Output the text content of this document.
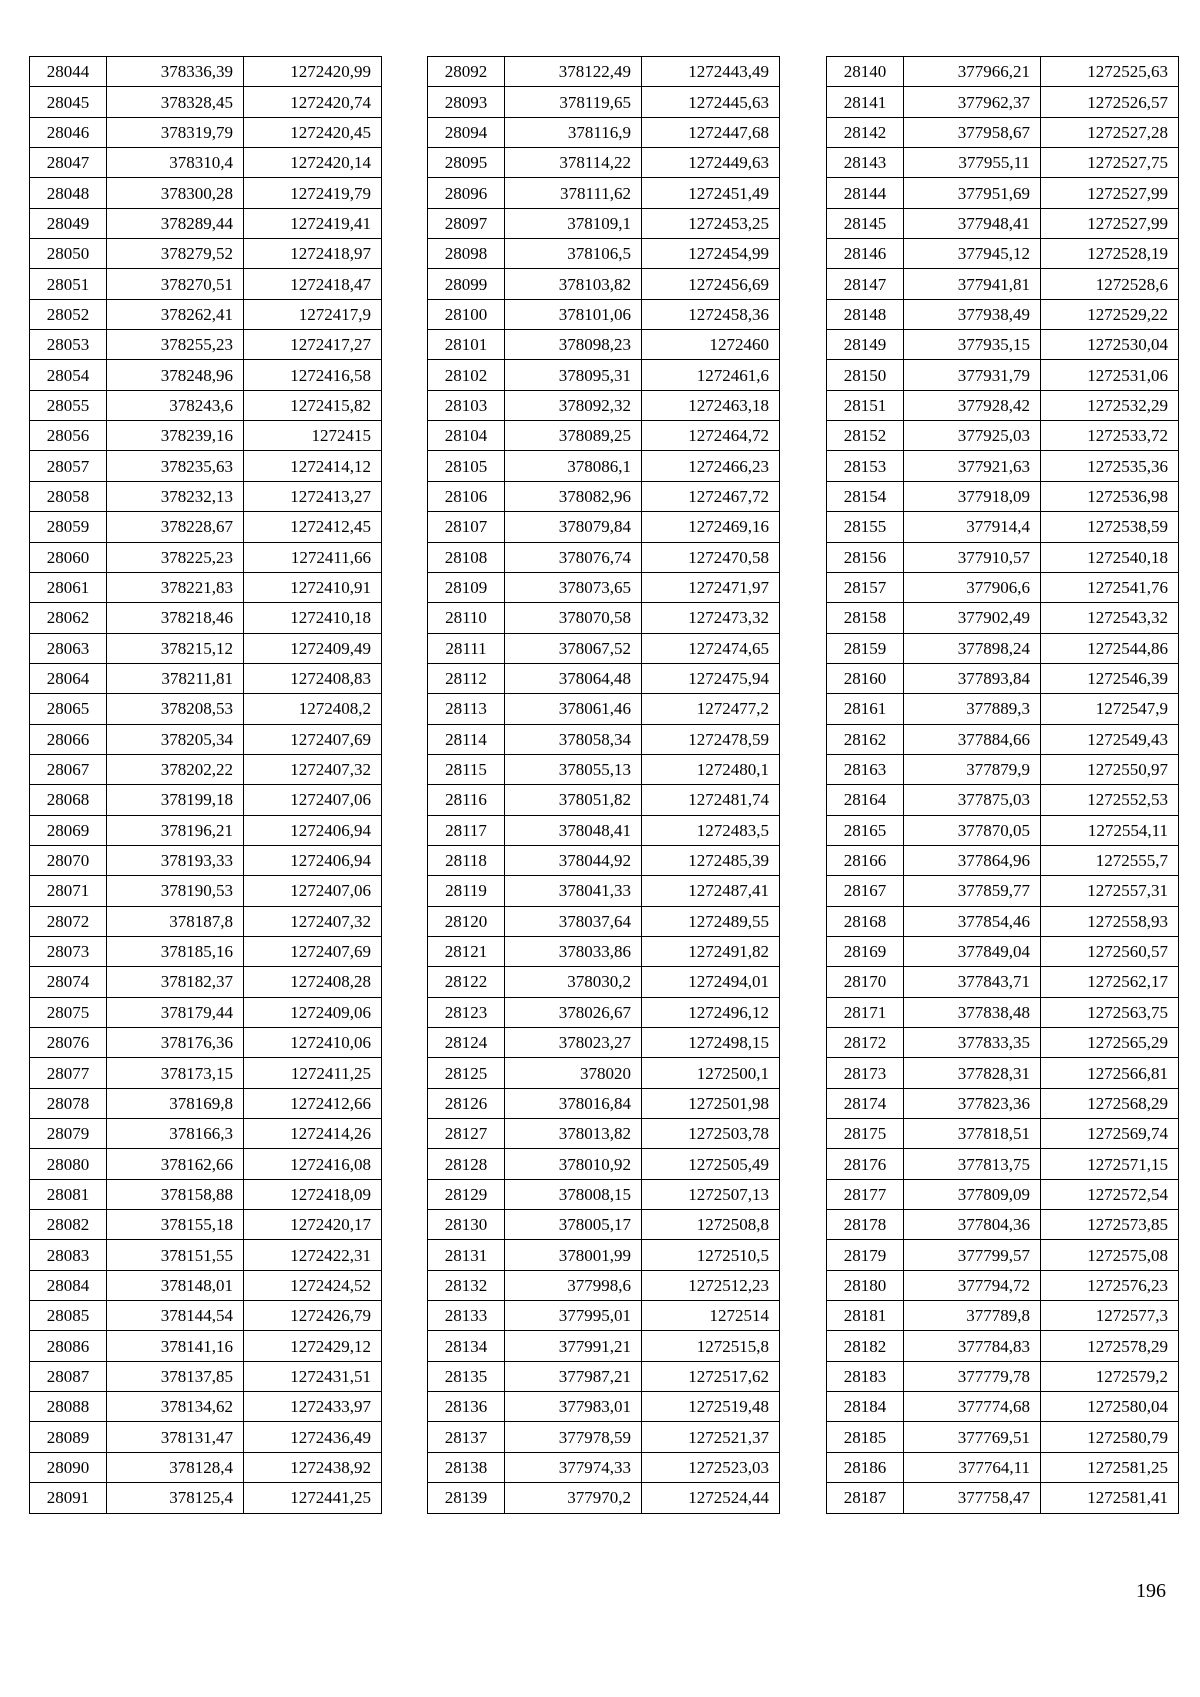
28044	378336,39	1272420,99
28045	378328,45	1272420,74
28046	378319,79	1272420,45
28047	378310,4	1272420,14
28048	378300,28	1272419,79
28049	378289,44	1272419,41
28050	378279,52	1272418,97
28051	378270,51	1272418,47
28052	378262,41	1272417,9
28053	378255,23	1272417,27
28054	378248,96	1272416,58
28055	378243,6	1272415,82
28056	378239,16	1272415
28057	378235,63	1272414,12
28058	378232,13	1272413,27
28059	378228,67	1272412,45
28060	378225,23	1272411,66
28061	378221,83	1272410,91
28062	378218,46	1272410,18
28063	378215,12	1272409,49
28064	378211,81	1272408,83
28065	378208,53	1272408,2
28066	378205,34	1272407,69
28067	378202,22	1272407,32
28068	378199,18	1272407,06
28069	378196,21	1272406,94
28070	378193,33	1272406,94
28071	378190,53	1272407,06
28072	378187,8	1272407,32
28073	378185,16	1272407,69
28074	378182,37	1272408,28
28075	378179,44	1272409,06
28076	378176,36	1272410,06
28077	378173,15	1272411,25
28078	378169,8	1272412,66
28079	378166,3	1272414,26
28080	378162,66	1272416,08
28081	378158,88	1272418,09
28082	378155,18	1272420,17
28083	378151,55	1272422,31
28084	378148,01	1272424,52
28085	378144,54	1272426,79
28086	378141,16	1272429,12
28087	378137,85	1272431,51
28088	378134,62	1272433,97
28089	378131,47	1272436,49
28090	378128,4	1272438,92
28091	378125,4	1272441,25
28092	378122,49	1272443,49
28093	378119,65	1272445,63
28094	378116,9	1272447,68
28095	378114,22	1272449,63
28096	378111,62	1272451,49
28097	378109,1	1272453,25
28098	378106,5	1272454,99
28099	378103,82	1272456,69
28100	378101,06	1272458,36
28101	378098,23	1272460
28102	378095,31	1272461,6
28103	378092,32	1272463,18
28104	378089,25	1272464,72
28105	378086,1	1272466,23
28106	378082,96	1272467,72
28107	378079,84	1272469,16
28108	378076,74	1272470,58
28109	378073,65	1272471,97
28110	378070,58	1272473,32
28111	378067,52	1272474,65
28112	378064,48	1272475,94
28113	378061,46	1272477,2
28114	378058,34	1272478,59
28115	378055,13	1272480,1
28116	378051,82	1272481,74
28117	378048,41	1272483,5
28118	378044,92	1272485,39
28119	378041,33	1272487,41
28120	378037,64	1272489,55
28121	378033,86	1272491,82
28122	378030,2	1272494,01
28123	378026,67	1272496,12
28124	378023,27	1272498,15
28125	378020	1272500,1
28126	378016,84	1272501,98
28127	378013,82	1272503,78
28128	378010,92	1272505,49
28129	378008,15	1272507,13
28130	378005,17	1272508,8
28131	378001,99	1272510,5
28132	377998,6	1272512,23
28133	377995,01	1272514
28134	377991,21	1272515,8
28135	377987,21	1272517,62
28136	377983,01	1272519,48
28137	377978,59	1272521,37
28138	377974,33	1272523,03
28139	377970,2	1272524,44
28140	377966,21	1272525,63
28141	377962,37	1272526,57
28142	377958,67	1272527,28
28143	377955,11	1272527,75
28144	377951,69	1272527,99
28145	377948,41	1272527,99
28146	377945,12	1272528,19
28147	377941,81	1272528,6
28148	377938,49	1272529,22
28149	377935,15	1272530,04
28150	377931,79	1272531,06
28151	377928,42	1272532,29
28152	377925,03	1272533,72
28153	377921,63	1272535,36
28154	377918,09	1272536,98
28155	377914,4	1272538,59
28156	377910,57	1272540,18
28157	377906,6	1272541,76
28158	377902,49	1272543,32
28159	377898,24	1272544,86
28160	377893,84	1272546,39
28161	377889,3	1272547,9
28162	377884,66	1272549,43
28163	377879,9	1272550,97
28164	377875,03	1272552,53
28165	377870,05	1272554,11
28166	377864,96	1272555,7
28167	377859,77	1272557,31
28168	377854,46	1272558,93
28169	377849,04	1272560,57
28170	377843,71	1272562,17
28171	377838,48	1272563,75
28172	377833,35	1272565,29
28173	377828,31	1272566,81
28174	377823,36	1272568,29
28175	377818,51	1272569,74
28176	377813,75	1272571,15
28177	377809,09	1272572,54
28178	377804,36	1272573,85
28179	377799,57	1272575,08
28180	377794,72	1272576,23
28181	377789,8	1272577,3
28182	377784,83	1272578,29
28183	377779,78	1272579,2
28184	377774,68	1272580,04
28185	377769,51	1272580,79
28186	377764,11	1272581,25
28187	377758,47	1272581,41
196
